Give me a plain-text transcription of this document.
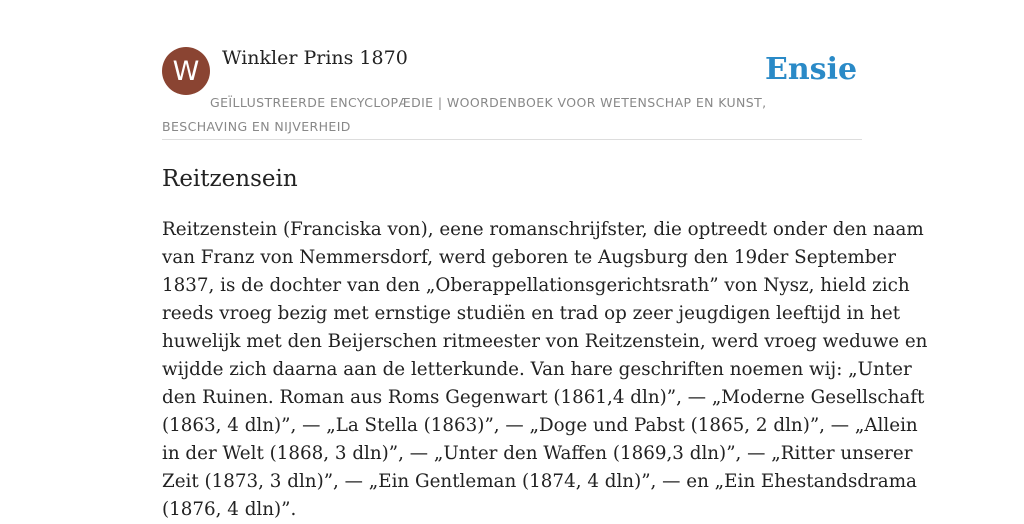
W	Winkler Prins 1870	Ensie
GEÏLLUSTREERDE ENCYCLOPÆDIE | WOORDENBOEK VOOR WETENSCHAP EN KUNST, BESCHAVING EN NIJVERHEID
Reitzensein
Reitzenstein (Franciska von), eene romanschrijfster, die optreedt onder den naam
van Franz von Nemmersdorf, werd geboren te Augsburg den 19der September
1837, is de dochter van den „Oberappellationsgerichtsrath” von Nysz, hield zich
reeds vroeg bezig met ernstige studiën en trad op zeer jeugdigen leeftijd in het
huwelijk met den Beijerschen ritmeester von Reitzenstein, werd vroeg weduwe en
wijdde zich daarna aan de letterkunde. Van hare geschriften noemen wij: „Unter
den Ruinen. Roman aus Roms Gegenwart (1861,4 dln)”, — „Moderne Gesellschaft
(1863, 4 dln)”, — „La Stella (1863)”, — „Doge und Pabst (1865, 2 dln)”, — „Allein
in der Welt (1868, 3 dln)”, — „Unter den Waffen (1869,3 dln)”, — „Ritter unserer
Zeit (1873, 3 dln)”, — „Ein Gentleman (1874, 4 dln)”, — en „Ein Ehestandsdrama
(1876, 4 dln)”.
